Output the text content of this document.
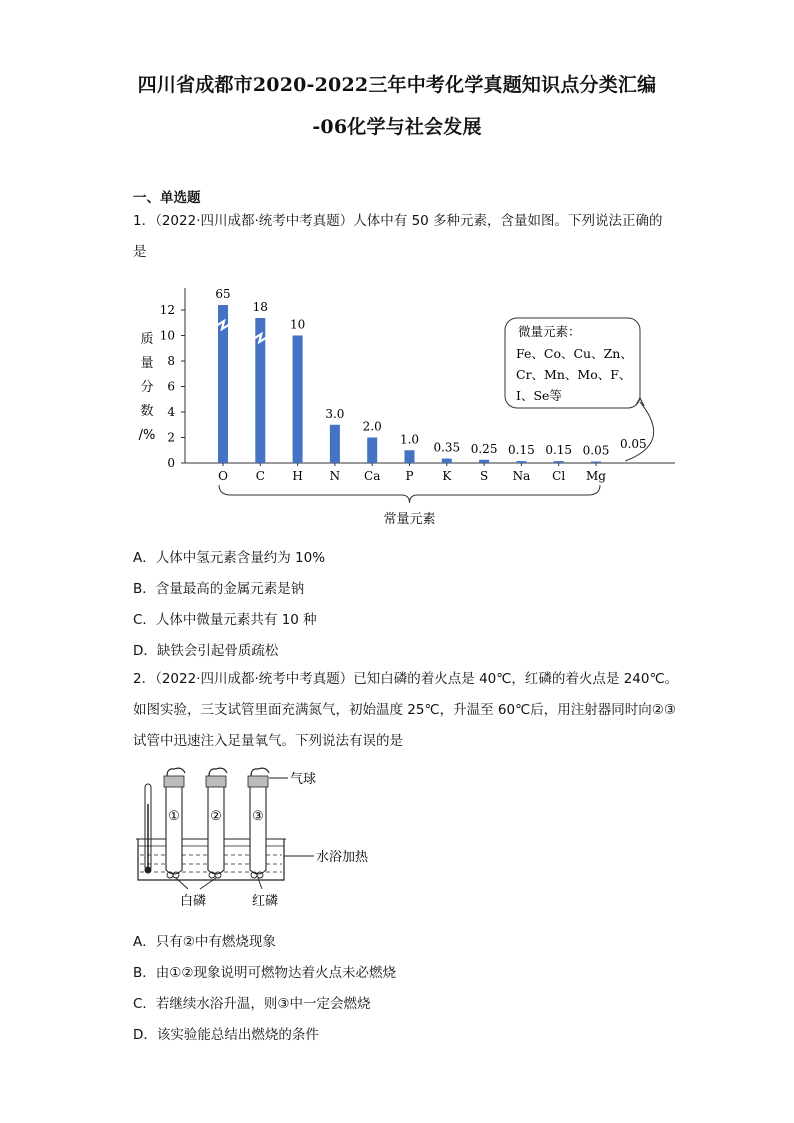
四川省成都市2020-2022三年中考化学真题知识点分类汇编
-06化学与社会发展
一、单选题
1．（2022·四川成都·统考中考真题）人体中有 50 多种元素，含量如图。下列说法正确的
是
0
2
4
6
8
10
12
质
量
分
数
/%
65
O
18
C
10
H
3.0
N
2.0
Ca
1.0
P
0.35
K
0.25
S
0.15
Na
0.15
Cl
0.05
Mg
0.05
常量元素
微量元素：
Fe、Co、Cu、Zn、
Cr、Mn、Mo、F、
I、Se等
A．人体中氢元素含量约为 10%
B．含量最高的金属元素是钠
C．人体中微量元素共有 10 种
D．缺铁会引起骨质疏松
2．（2022·四川成都·统考中考真题）已知白磷的着火点是 40℃，红磷的着火点是 240℃。
如图实验，三支试管里面充满氮气，初始温度 25℃，升温至 60℃后，用注射器同时向②③
试管中迅速注入足量氧气。下列说法有误的是
① ② ③
气球
水浴加热
白磷	红磷
A．只有②中有燃烧现象
B．由①②现象说明可燃物达着火点未必燃烧
C．若继续水浴升温，则③中一定会燃烧
D．该实验能总结出燃烧的条件
